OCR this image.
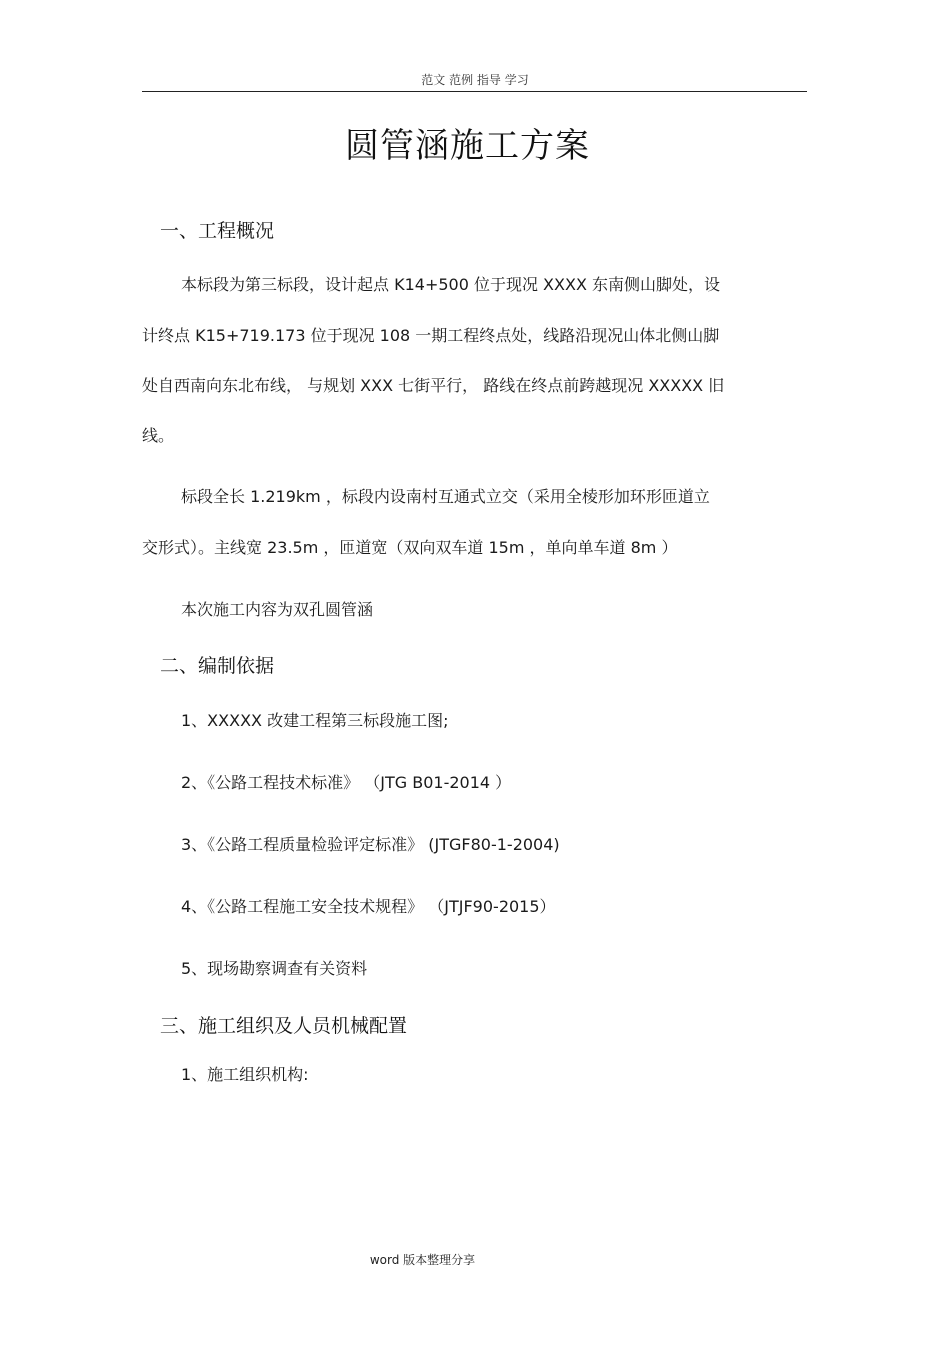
范文 范例 指导 学习
圆管涵施工方案
一、工程概况
本标段为第三标段，设计起点 K14+500 位于现况 XXXX 东南侧山脚处，设
计终点 K15+719.173 位于现况 108 一期工程终点处，线路沿现况山体北侧山脚
处自西南向东北布线， 与规划 XXX 七街平行， 路线在终点前跨越现况 XXXXX 旧
线。
标段全长 1.219km ，标段内设南村互通式立交（采用全棱形加环形匝道立
交形式）。主线宽 23.5m ，匝道宽（双向双车道 15m ，单向单车道 8m ）
本次施工内容为双孔圆管涵
二、编制依据
1、XXXXX 改建工程第三标段施工图;
2、《公路工程技术标准》 （JTG B01-2014 ）
3、《公路工程质量检验评定标准》 (JTGF80-1-2004)
4、《公路工程施工安全技术规程》 （JTJF90-2015）
5、现场勘察调查有关资料
三、施工组织及人员机械配置
1、施工组织机构:
word 版本整理分享
